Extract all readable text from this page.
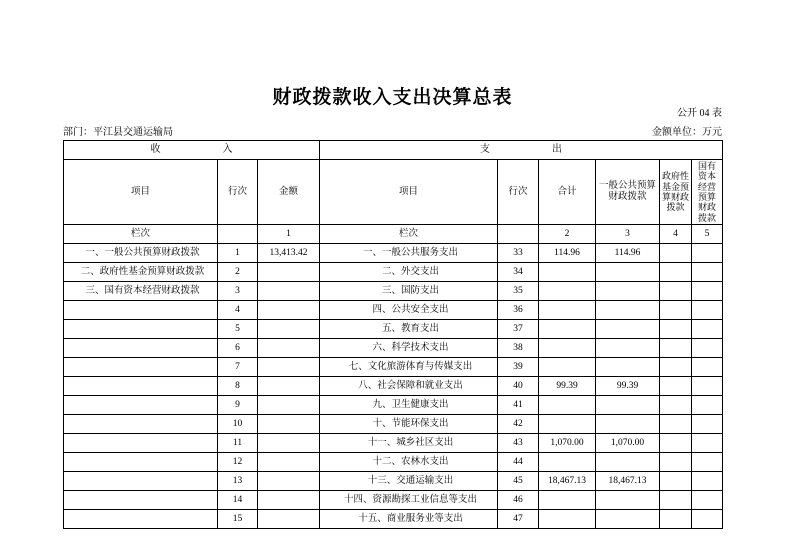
财政拨款收入支出决算总表
公开 04 表
部门：平江县交通运输局	金额单位：万元
收　　入			支　　出					
项目	行次	金额	项目	行次	合计	一般公共预算财政拨款	政府性基金预算财政拨款	国有资本经营预算财政拨款
栏次		1	栏次		2	3	4	5
一、一般公共预算财政拨款	1	13,413.42	一、一般公共服务支出	33	114.96	114.96		
二、政府性基金预算财政拨款	2		二、外交支出	34				
三、国有资本经营财政拨款	3		三、国防支出	35				
	4		四、公共安全支出	36				
	5		五、教育支出	37				
	6		六、科学技术支出	38				
	7		七、文化旅游体育与传媒支出	39				
	8		八、社会保障和就业支出	40	99.39	99.39		
	9		九、卫生健康支出	41				
	10		十、节能环保支出	42				
	11		十一、城乡社区支出	43	1,070.00	1,070.00		
	12		十二、农林水支出	44				
	13		十三、交通运输支出	45	18,467.13	18,467.13		
	14		十四、资源勘探工业信息等支出	46				
	15		十五、商业服务业等支出	47				
